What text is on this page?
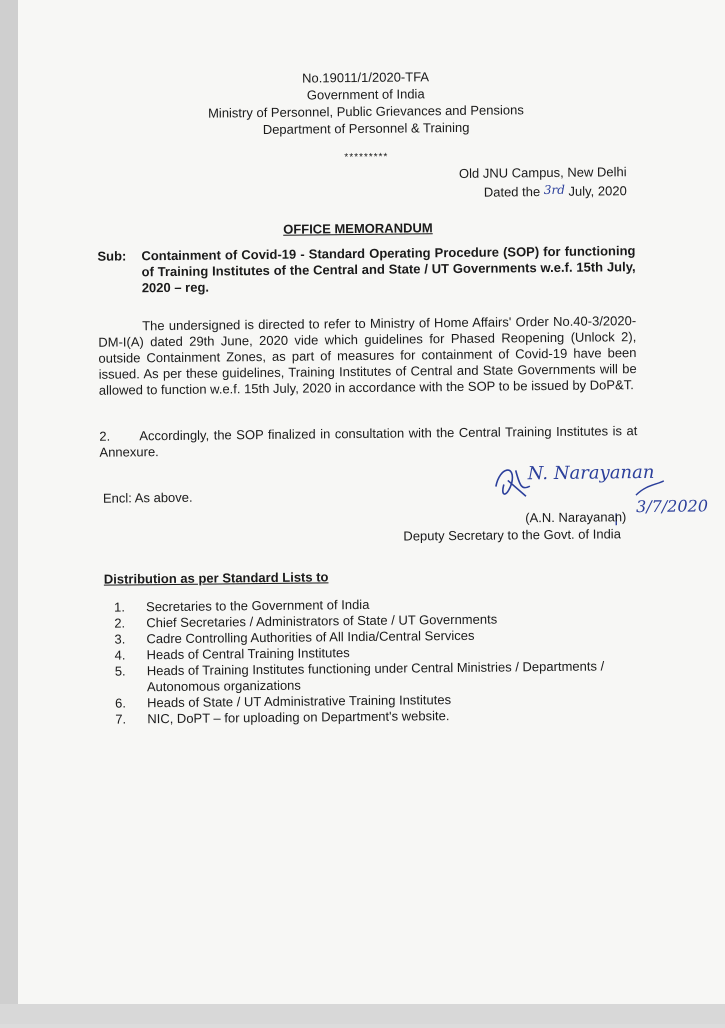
No.19011/1/2020-TFA
Government of India
Ministry of Personnel, Public Grievances and Pensions
Department of Personnel & Training
*********
Old JNU Campus, New Delhi
Dated the 3rd July, 2020
OFFICE MEMORANDUM
Sub: Containment of Covid-19 - Standard Operating Procedure (SOP) for functioning of Training Institutes of the Central and State / UT Governments w.e.f. 15th July, 2020 – reg.
The undersigned is directed to refer to Ministry of Home Affairs' Order No.40-3/2020-DM-I(A) dated 29th June, 2020 vide which guidelines for Phased Reopening (Unlock 2), outside Containment Zones, as part of measures for containment of Covid-19 have been issued. As per these guidelines, Training Institutes of Central and State Governments will be allowed to function w.e.f. 15th July, 2020 in accordance with the SOP to be issued by DoP&T.
2. Accordingly, the SOP finalized in consultation with the Central Training Institutes is at Annexure.
Encl: As above.
N. Narayanan
3/7/2020
(A.N. Narayanan)
Deputy Secretary to the Govt. of India
Distribution as per Standard Lists to
1.	Secretaries to the Government of India
2.	Chief Secretaries / Administrators of State / UT Governments
3.	Cadre Controlling Authorities of All India/Central Services
4.	Heads of Central Training Institutes
5.	Heads of Training Institutes functioning under Central Ministries / Departments / Autonomous organizations
6.	Heads of State / UT Administrative Training Institutes
7.	NIC, DoPT – for uploading on Department's website.
